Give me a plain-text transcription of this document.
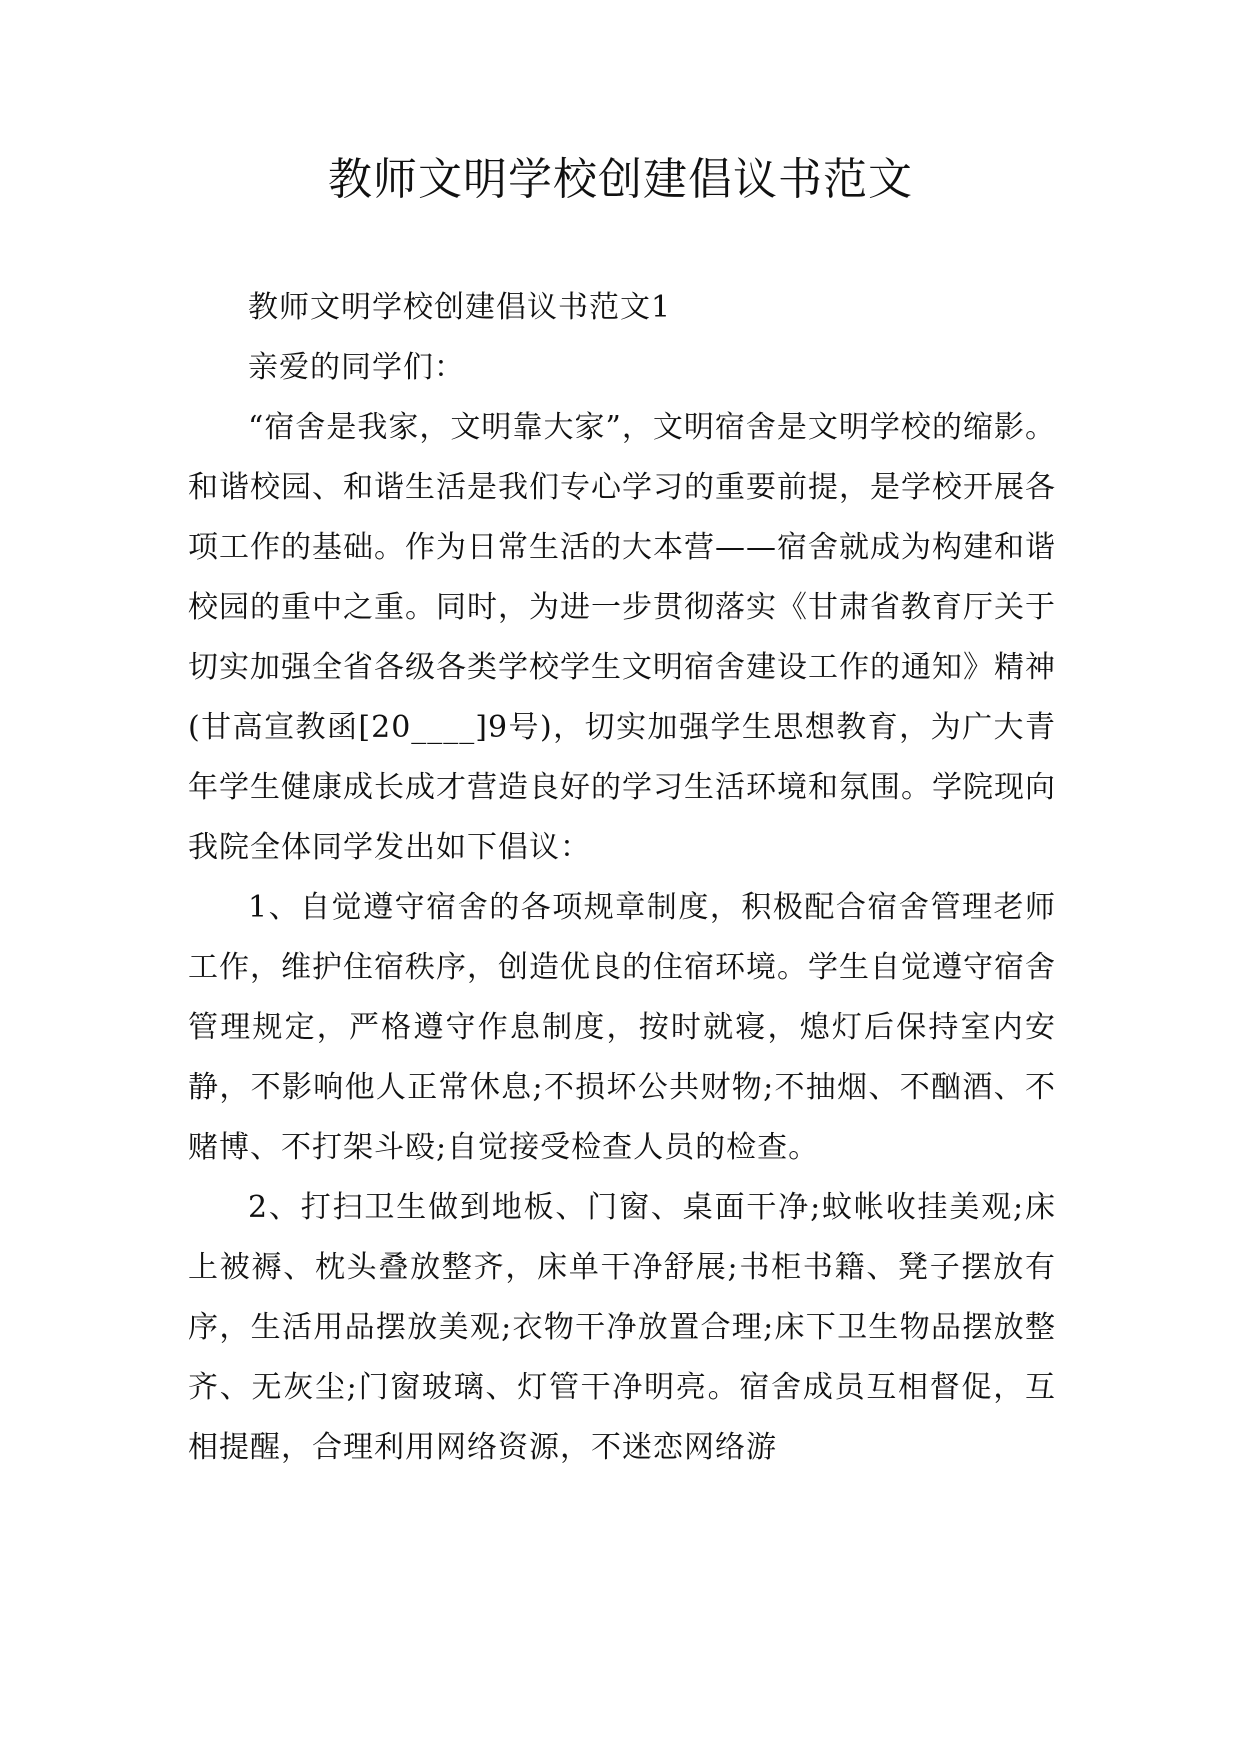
教师文明学校创建倡议书范文

教师文明学校创建倡议书范文1

亲爱的同学们：

“宿舍是我家，文明靠大家”，文明宿舍是文明学校的缩影。和谐校园、和谐生活是我们专心学习的重要前提，是学校开展各项工作的基础。作为日常生活的大本营——宿舍就成为构建和谐校园的重中之重。同时，为进一步贯彻落实《甘肃省教育厅关于切实加强全省各级各类学校学生文明宿舍建设工作的通知》精神(甘高宣教函[20____]9号)，切实加强学生思想教育，为广大青年学生健康成长成才营造良好的学习生活环境和氛围。学院现向我院全体同学发出如下倡议：

1、自觉遵守宿舍的各项规章制度，积极配合宿舍管理老师工作，维护住宿秩序，创造优良的住宿环境。学生自觉遵守宿舍管理规定，严格遵守作息制度，按时就寝，熄灯后保持室内安静，不影响他人正常休息;不损坏公共财物;不抽烟、不酗酒、不赌博、不打架斗殴;自觉接受检查人员的检查。

2、打扫卫生做到地板、门窗、桌面干净;蚊帐收挂美观;床上被褥、枕头叠放整齐，床单干净舒展;书柜书籍、凳子摆放有序，生活用品摆放美观;衣物干净放置合理;床下卫生物品摆放整齐、无灰尘;门窗玻璃、灯管干净明亮。宿舍成员互相督促，互相提醒，合理利用网络资源，不迷恋网络游
